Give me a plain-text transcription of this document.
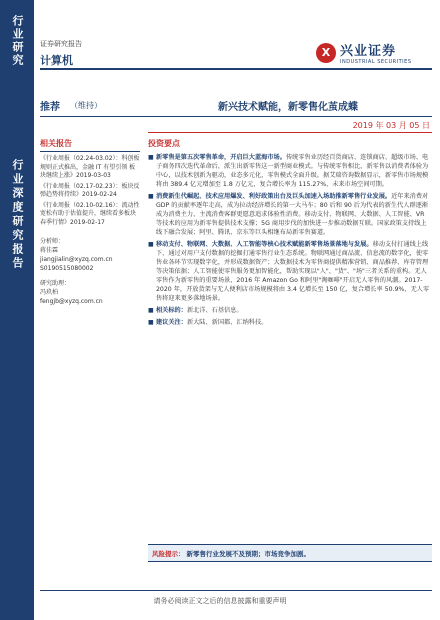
行业研究
行业深度研究报告
证券研究报告
计算机
X 兴业证券
INDUSTRIAL SECURITIES
推荐 （维持）	新兴技术赋能，新零售化茧成蝶
2019 年 03 月 05 日
相关报告
《行业周报（02.24-03.02）：科创板规则正式推出，金融 IT 有望引领 板块继续上涨》2019-03-03
《行业周报（02.17-02.23）：板块反弹趋势将持续》2019-02-24
《行业周报（02.10-02.16）：流动性宽松有助于估值提升，继续看多板块春季行情》2019-02-17
分析师：
蒋佳霖
jiangjialin@xyzq.com.cn
S0190515080002
研究助理：
冯玖柏
fengjb@xyzq.com.cn
投资要点
■ 新零售是第五次零售革命，开启巨大蓝海市场。传统零售业历经百货商店、连锁商店、超级市场、电子商务四次迭代革命后，派生出新零售这一新型商业模式。与传统零售相比，新零售以消费者体验为中心，以技术创新为驱动，业态多元化，零售模式全面升级。据艾瑞咨询数据显示，新零售市场规模将由 389.4 亿元增加至 1.8 万亿元，复合增长率为 115.27%，未来市场空间可期。
■ 消费新生代崛起、技术应用爆发、利好政策出台及巨头加速入场助推新零售行业发展。近年来消费对 GDP 的贡献率逐年走高，成为拉动经济增长的第一大马车；80 后和 90 后为代表的新生代人群逐渐成为消费主力，主流消费客群更愿意追求体验性消费。移动支付、物联网、大数据、人工智能、VR 等技术的应用为新零售提供技术支撑；5G 商用步伐的加快进一步推动数据互联。国家政策支持线上线下融合发展；阿里、腾讯、京东等巨头相继布局新零售赛道。
■ 移动支付、物联网、大数据、人工智能等核心技术赋能新零售场景落地与发展。移动支付打通线上线下，通过对用户支付数据的挖掘打通零售行业生态系统。物联网通过商品流、信息流的数字化，使零售业各环节实现数字化，并形成数据资产；大数据技术为零售商提供精准营销、商品推荐、库存管理等决策依据；人工智能使零售服务更加智能化，帮助实现以"人"、"货"、"场"三者关系的重构。无人零售作为新零售的重要场景，2016 年 Amazon Go 和阿里"淘咖啡"开启无人零售的风潮。2017-2020 年，开放货架与无人便利店市场规模将由 3.4 亿增长至 150 亿，复合增长率 50.9%，无人零售将迎来更多落地场景。
■ 相关标的：新北洋、石基信息。
■ 建议关注：新大陆、新国都、汇纳科技。
风险提示： 新零售行业发展不及预期；市场竞争加剧。
请务必阅读正文之后的信息披露和重要声明
